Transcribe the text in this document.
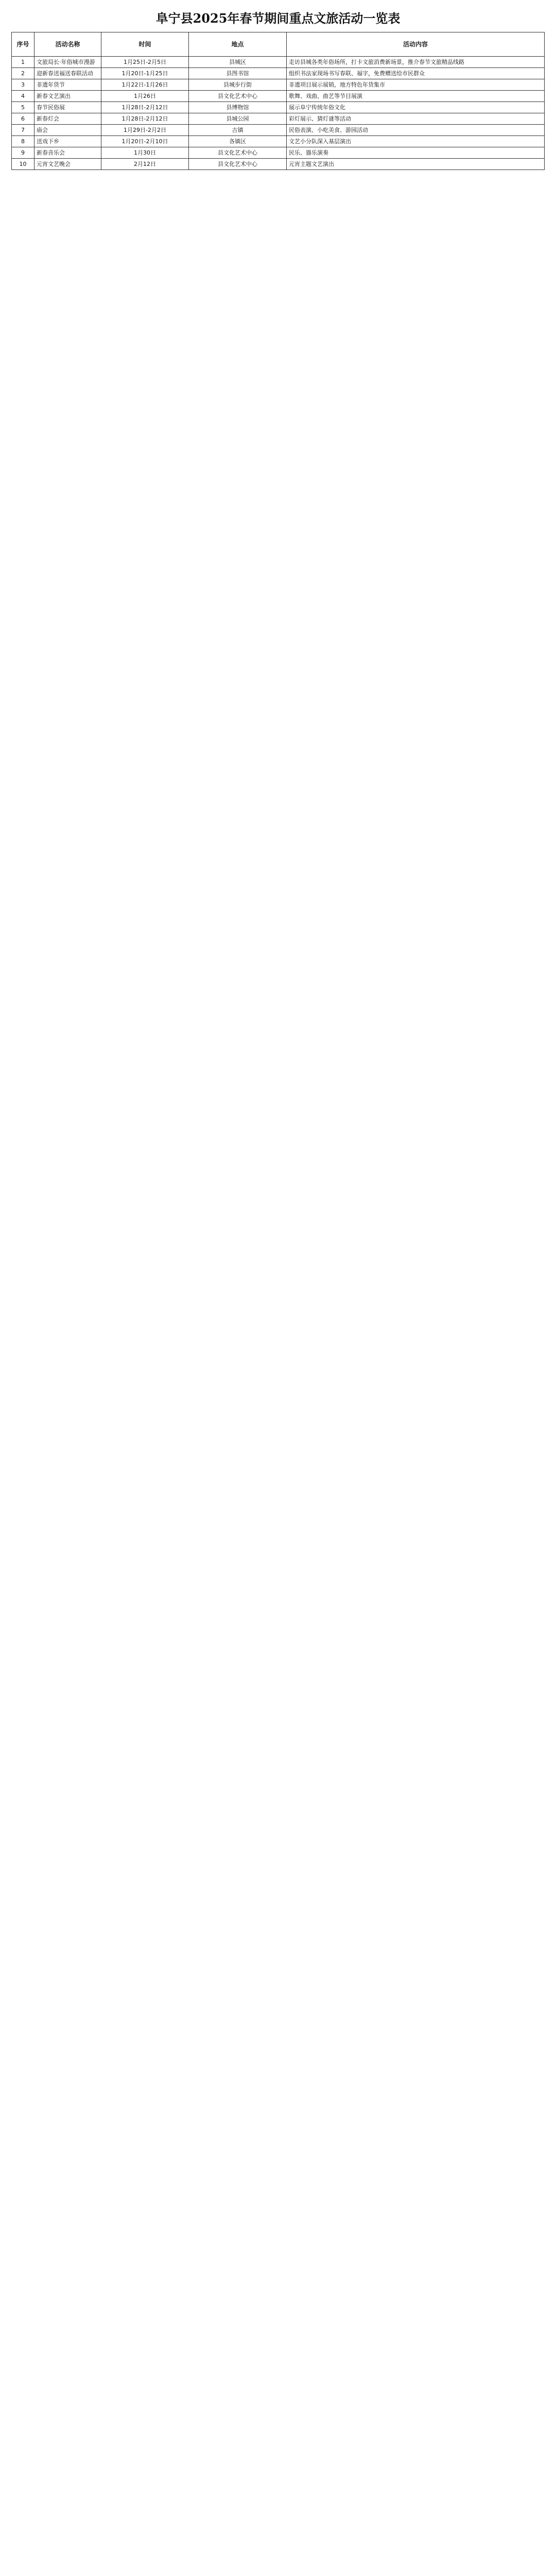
阜宁县2025年春节期间重点文旅活动一览表
序号	活动名称	时间	地点	活动内容
1	文旅局长·年俗城市漫游	1月25日-2月5日	县城区	走访县城各类年俗场所，打卡文旅消费新场景，推介春节文旅精品线路
2	迎新春送福送春联活动	1月20日-1月25日	县图书馆	组织书法家现场书写春联、福字，免费赠送给市民群众
3	非遗年货节	1月22日-1月26日	县城步行街	非遗项目展示展销，地方特色年货集市
4	新春文艺演出	1月26日	县文化艺术中心	歌舞、戏曲、曲艺等节目展演
5	春节民俗展	1月28日-2月12日	县博物馆	展示阜宁传统年俗文化
6	新春灯会	1月28日-2月12日	县城公园	彩灯展示、猜灯谜等活动
7	庙会	1月29日-2月2日	古镇	民俗表演、小吃美食、游园活动
8	送戏下乡	1月20日-2月10日	各镇区	文艺小分队深入基层演出
9	新春音乐会	1月30日	县文化艺术中心	民乐、器乐演奏
10	元宵文艺晚会	2月12日	县文化艺术中心	元宵主题文艺演出
